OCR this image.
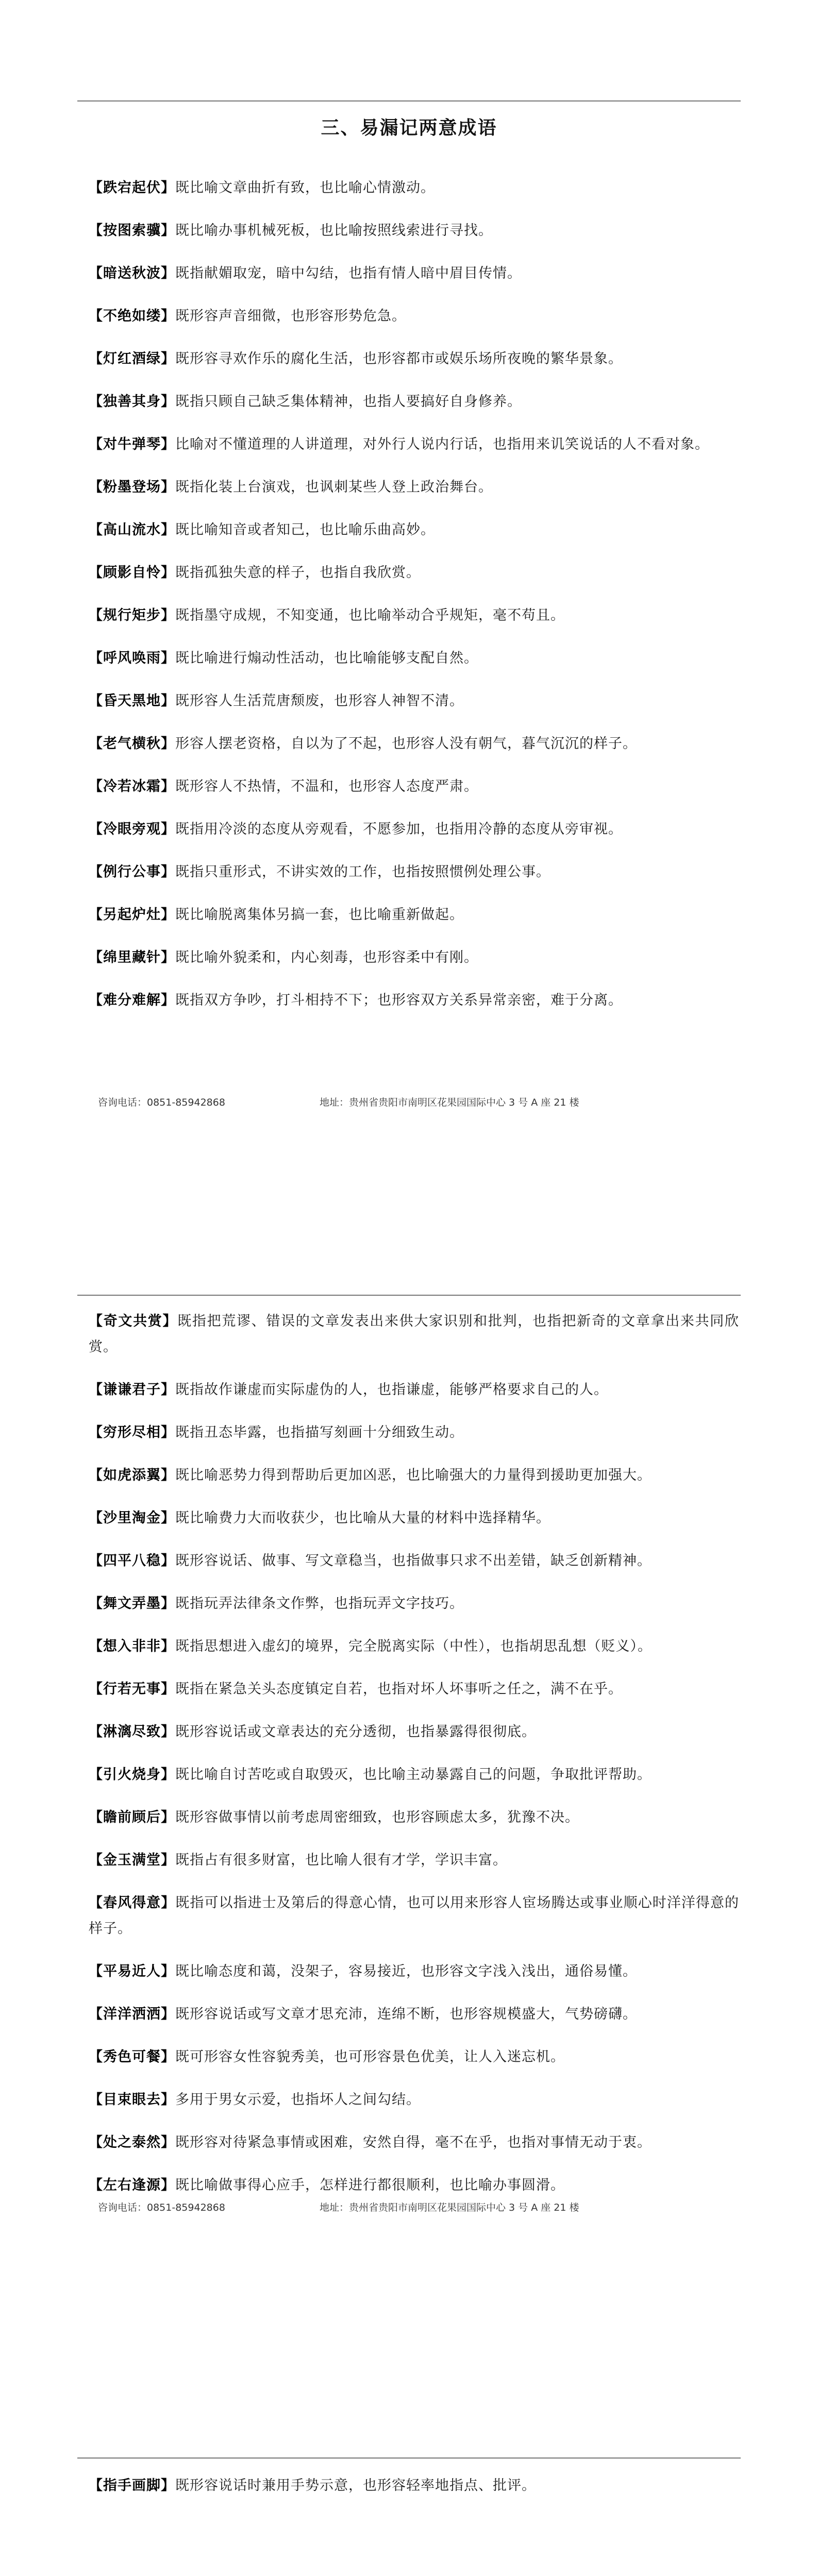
三、易漏记两意成语

【跌宕起伏】既比喻文章曲折有致，也比喻心情激动。

【按图索骥】既比喻办事机械死板，也比喻按照线索进行寻找。

【暗送秋波】既指献媚取宠，暗中勾结，也指有情人暗中眉目传情。

【不绝如缕】既形容声音细微，也形容形势危急。

【灯红酒绿】既形容寻欢作乐的腐化生活，也形容都市或娱乐场所夜晚的繁华景象。

【独善其身】既指只顾自己缺乏集体精神，也指人要搞好自身修养。

【对牛弹琴】比喻对不懂道理的人讲道理，对外行人说内行话，也指用来讥笑说话的人不看对象。

【粉墨登场】既指化装上台演戏，也讽刺某些人登上政治舞台。

【高山流水】既比喻知音或者知己，也比喻乐曲高妙。

【顾影自怜】既指孤独失意的样子，也指自我欣赏。

【规行矩步】既指墨守成规，不知变通，也比喻举动合乎规矩，毫不苟且。

【呼风唤雨】既比喻进行煽动性活动，也比喻能够支配自然。

【昏天黑地】既形容人生活荒唐颓废，也形容人神智不清。

【老气横秋】形容人摆老资格，自以为了不起，也形容人没有朝气，暮气沉沉的样子。

【冷若冰霜】既形容人不热情，不温和，也形容人态度严肃。

【冷眼旁观】既指用冷淡的态度从旁观看，不愿参加，也指用冷静的态度从旁审视。

【例行公事】既指只重形式，不讲实效的工作，也指按照惯例处理公事。

【另起炉灶】既比喻脱离集体另搞一套，也比喻重新做起。

【绵里藏针】既比喻外貌柔和，内心刻毒，也形容柔中有刚。

【难分难解】既指双方争吵，打斗相持不下；也形容双方关系异常亲密，难于分离。

咨询电话：0851-85942868	地址：贵州省贵阳市南明区花果园国际中心 3 号 A 座 21 楼

【奇文共赏】既指把荒谬、错误的文章发表出来供大家识别和批判，也指把新奇的文章拿出来共同欣赏。

【谦谦君子】既指故作谦虚而实际虚伪的人，也指谦虚，能够严格要求自己的人。

【穷形尽相】既指丑态毕露，也指描写刻画十分细致生动。

【如虎添翼】既比喻恶势力得到帮助后更加凶恶，也比喻强大的力量得到援助更加强大。

【沙里淘金】既比喻费力大而收获少，也比喻从大量的材料中选择精华。

【四平八稳】既形容说话、做事、写文章稳当，也指做事只求不出差错，缺乏创新精神。

【舞文弄墨】既指玩弄法律条文作弊，也指玩弄文字技巧。

【想入非非】既指思想进入虚幻的境界，完全脱离实际（中性），也指胡思乱想（贬义）。

【行若无事】既指在紧急关头态度镇定自若，也指对坏人坏事听之任之，满不在乎。

【淋漓尽致】既形容说话或文章表达的充分透彻，也指暴露得很彻底。

【引火烧身】既比喻自讨苦吃或自取毁灭，也比喻主动暴露自己的问题，争取批评帮助。

【瞻前顾后】既形容做事情以前考虑周密细致，也形容顾虑太多，犹豫不决。

【金玉满堂】既指占有很多财富，也比喻人很有才学，学识丰富。

【春风得意】既指可以指进士及第后的得意心情，也可以用来形容人宦场腾达或事业顺心时洋洋得意的样子。

【平易近人】既比喻态度和蔼，没架子，容易接近，也形容文字浅入浅出，通俗易懂。

【洋洋洒洒】既形容说话或写文章才思充沛，连绵不断，也形容规模盛大，气势磅礴。

【秀色可餐】既可形容女性容貌秀美，也可形容景色优美，让人入迷忘机。

【目束眼去】多用于男女示爱，也指坏人之间勾结。

【处之泰然】既形容对待紧急事情或困难，安然自得，毫不在乎，也指对事情无动于衷。

【左右逢源】既比喻做事得心应手，怎样进行都很顺利，也比喻办事圆滑。

咨询电话：0851-85942868	地址：贵州省贵阳市南明区花果园国际中心 3 号 A 座 21 楼

【指手画脚】既形容说话时兼用手势示意，也形容轻率地指点、批评。
